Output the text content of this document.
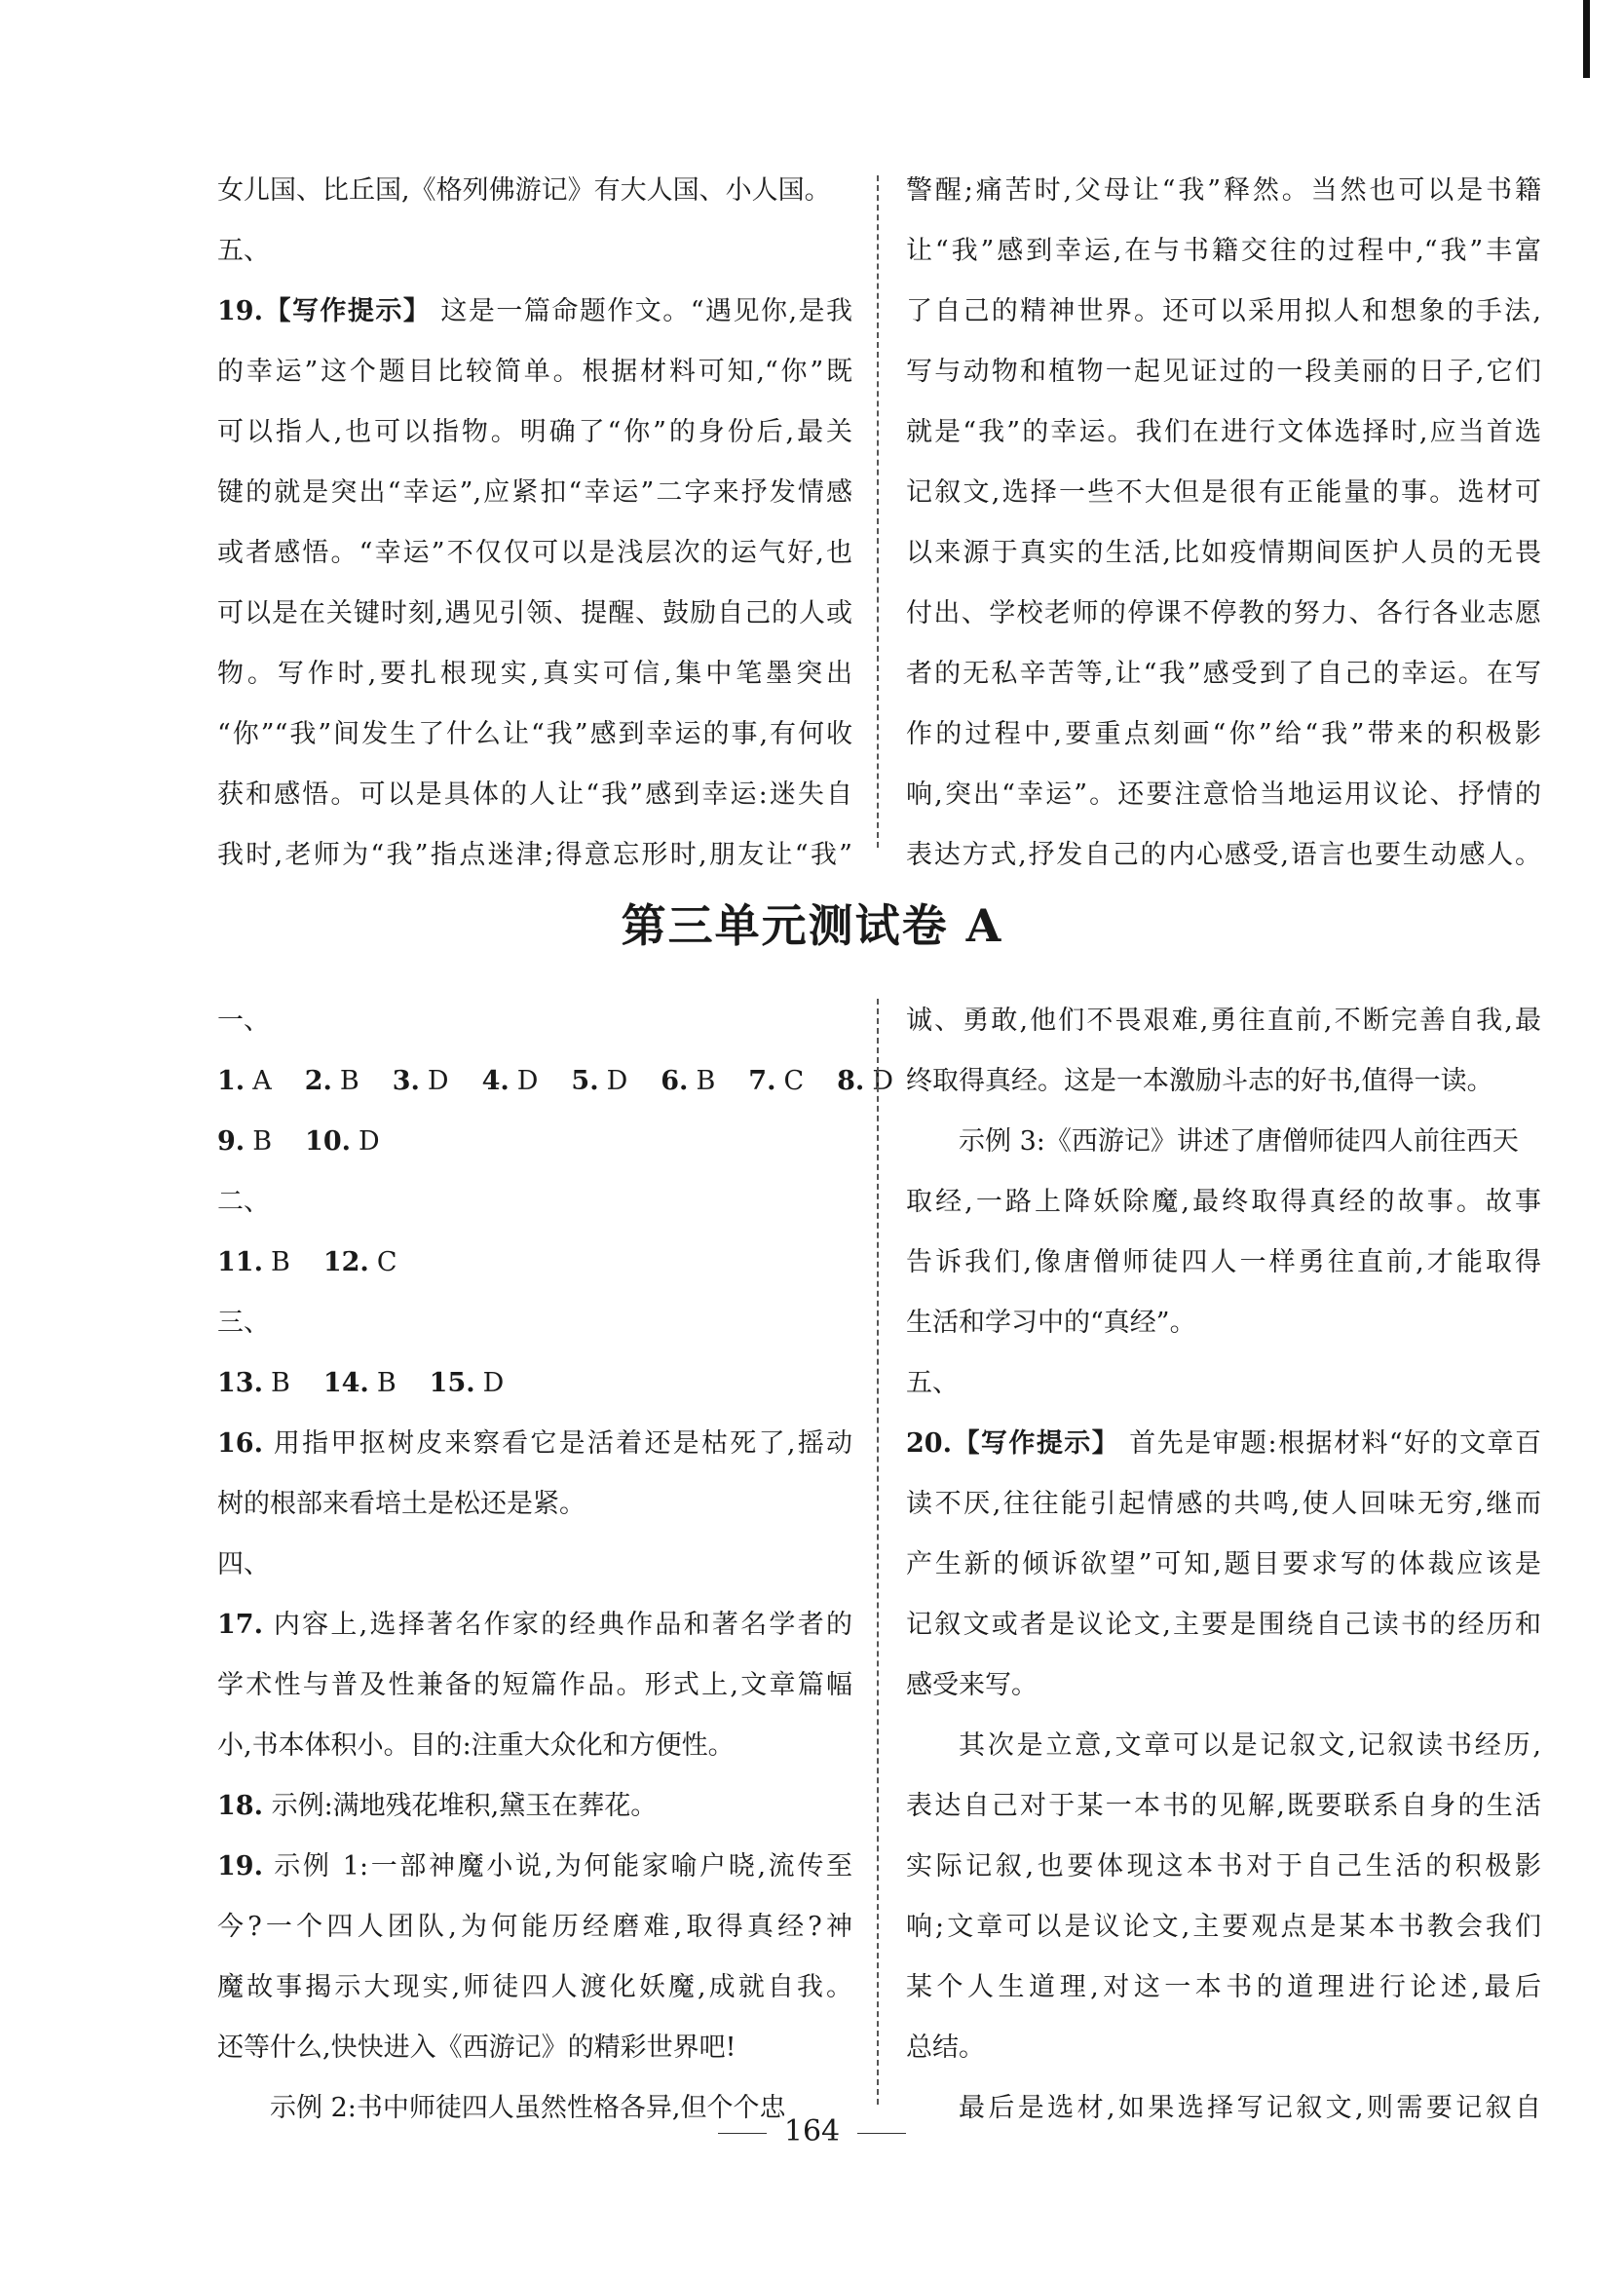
女儿国、比丘国,《格列佛游记》有大人国、小人国。
五、
19.【写作提示】 这是一篇命题作文。“遇见你,是我
的幸运”这个题目比较简单。根据材料可知,“你”既
可以指人,也可以指物。明确了“你”的身份后,最关
键的就是突出“幸运”,应紧扣“幸运”二字来抒发情感
或者感悟。“幸运”不仅仅可以是浅层次的运气好,也
可以是在关键时刻,遇见引领、提醒、鼓励自己的人或
物。写作时,要扎根现实,真实可信,集中笔墨突出
“你”“我”间发生了什么让“我”感到幸运的事,有何收
获和感悟。可以是具体的人让“我”感到幸运:迷失自
我时,老师为“我”指点迷津;得意忘形时,朋友让“我”
警醒;痛苦时,父母让“我”释然。当然也可以是书籍
让“我”感到幸运,在与书籍交往的过程中,“我”丰富
了自己的精神世界。还可以采用拟人和想象的手法,
写与动物和植物一起见证过的一段美丽的日子,它们
就是“我”的幸运。我们在进行文体选择时,应当首选
记叙文,选择一些不大但是很有正能量的事。选材可
以来源于真实的生活,比如疫情期间医护人员的无畏
付出、学校老师的停课不停教的努力、各行各业志愿
者的无私辛苦等,让“我”感受到了自己的幸运。在写
作的过程中,要重点刻画“你”给“我”带来的积极影
响,突出“幸运”。还要注意恰当地运用议论、抒情的
表达方式,抒发自己的内心感受,语言也要生动感人。
第三单元测试卷 A
一、
1. A 2. B 3. D 4. D 5. D 6. B 7. C 8. D
9. B 10. D
二、
11. B 12. C
三、
13. B 14. B 15. D
16. 用指甲抠树皮来察看它是活着还是枯死了,摇动
树的根部来看培土是松还是紧。
四、
17. 内容上,选择著名作家的经典作品和著名学者的
学术性与普及性兼备的短篇作品。形式上,文章篇幅
小,书本体积小。目的:注重大众化和方便性。
18. 示例:满地残花堆积,黛玉在葬花。
19. 示例 1:一部神魔小说,为何能家喻户晓,流传至
今?一个四人团队,为何能历经磨难,取得真经?神
魔故事揭示大现实,师徒四人渡化妖魔,成就自我。
还等什么,快快进入《西游记》的精彩世界吧!
示例 2:书中师徒四人虽然性格各异,但个个忠
诚、勇敢,他们不畏艰难,勇往直前,不断完善自我,最
终取得真经。这是一本激励斗志的好书,值得一读。
示例 3:《西游记》讲述了唐僧师徒四人前往西天
取经,一路上降妖除魔,最终取得真经的故事。故事
告诉我们,像唐僧师徒四人一样勇往直前,才能取得
生活和学习中的“真经”。
五、
20.【写作提示】 首先是审题:根据材料“好的文章百
读不厌,往往能引起情感的共鸣,使人回味无穷,继而
产生新的倾诉欲望”可知,题目要求写的体裁应该是
记叙文或者是议论文,主要是围绕自己读书的经历和
感受来写。
其次是立意,文章可以是记叙文,记叙读书经历,
表达自己对于某一本书的见解,既要联系自身的生活
实际记叙,也要体现这本书对于自己生活的积极影
响;文章可以是议论文,主要观点是某本书教会我们
某个人生道理,对这一本书的道理进行论述,最后
总结。
最后是选材,如果选择写记叙文,则需要记叙自
164
